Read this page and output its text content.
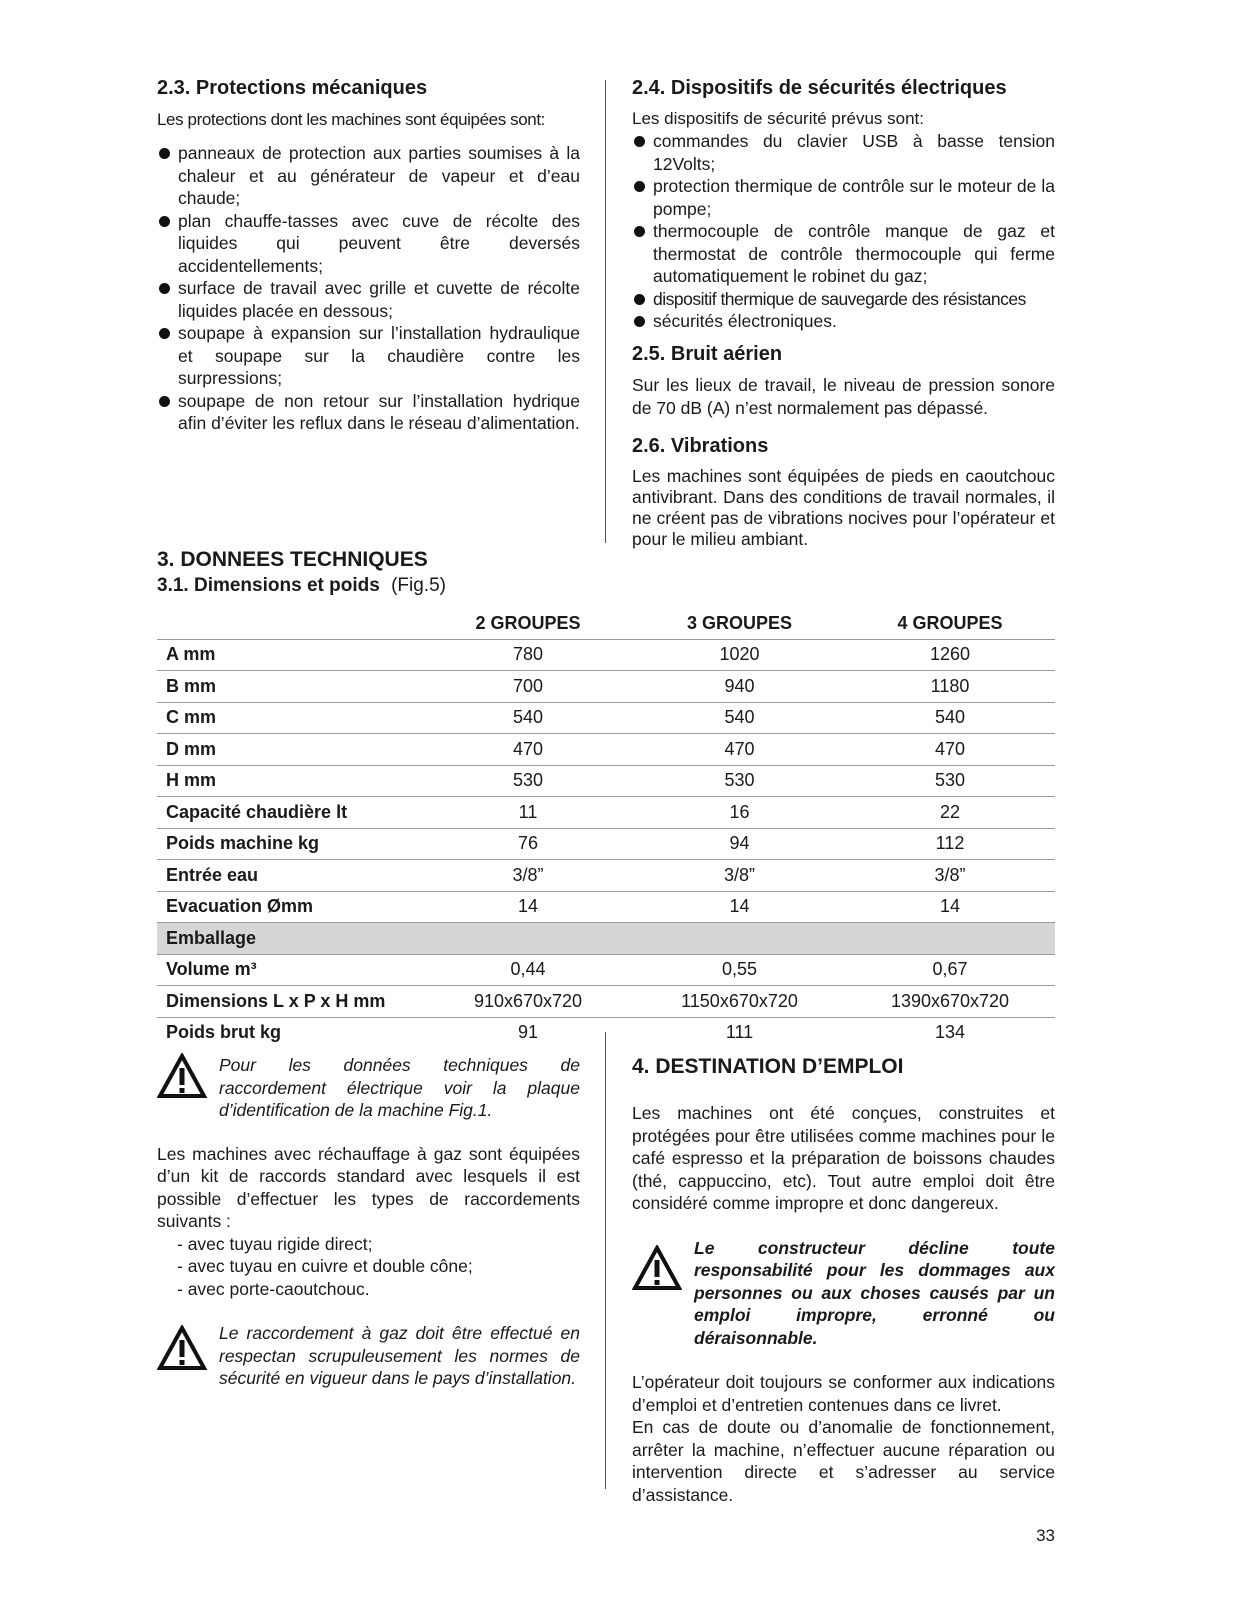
2.3. Protections mécaniques

Les protections dont les machines sont équipées sont:

panneaux de protection aux parties soumises à la chaleur et au générateur de vapeur et d’eau chaude;
plan chauffe-tasses avec cuve de récolte des liquides qui peuvent être deversés accidentellements;
surface de travail avec grille et cuvette de récolte liquides placée en dessous;
soupape à expansion sur l’installation hydraulique et soupape sur la chaudière contre les surpressions;
soupape de non retour sur l’installation hydrique afin d’éviter les reflux dans le réseau d’alimentation.
2.4. Dispositifs de sécurités électriques

Les dispositifs de sécurité prévus sont:

commandes du clavier USB à basse tension 12Volts;
protection thermique de contrôle sur le moteur de la pompe;
thermocouple de contrôle manque de gaz et thermostat de contrôle thermocouple qui ferme automatiquement le robinet du gaz;
dispositif thermique de sauvegarde des résistances
sécurités électroniques.
2.5. Bruit aérien

Sur les lieux de travail, le niveau de pression sonore de 70 dB (A) n’est normalement pas dépassé.

2.6. Vibrations

Les machines sont équipées de pieds en caoutchouc antivibrant. Dans des conditions de travail normales, il ne créent pas de vibrations nocives pour l’opérateur et pour le milieu ambiant.

3. DONNEES TECHNIQUES
3.1. Dimensions et poids (Fig.5)
	2 GROUPES	3 GROUPES	4 GROUPES
A mm	780	1020	1260
B mm	700	940	1180
C mm	540	540	540
D mm	470	470	470
H mm	530	530	530
Capacité chaudière lt	11	16	22
Poids machine kg	76	94	112
Entrée eau	3/8”	3/8”	3/8”
Evacuation Ømm	14	14	14
Emballage			
Volume m³	0,44	0,55	0,67
Dimensions L x P x H mm	910x670x720	1150x670x720	1390x670x720
Poids brut kg	91	111	134
Pour les données techniques de raccordement électrique voir la plaque d’identification de la machine Fig.1.

Les machines avec réchauffage à gaz sont équipées d’un kit de raccords standard avec lesquels il est possible d’effectuer les types de raccordements suivants :

- avec tuyau rigide direct;
- avec tuyau en cuivre et double cône;
- avec porte-caoutchouc.
Le raccordement à gaz doit être effectué en respectan scrupuleusement les normes de sécurité en vigueur dans le pays d’installation.
4. DESTINATION D’EMPLOI

Les machines ont été conçues, construites et protégées pour être utilisées comme machines pour le café espresso et la préparation de boissons chaudes (thé, cappuccino, etc). Tout autre emploi doit être considéré comme impropre et donc dangereux.

Le constructeur décline toute responsabilité pour les dommages aux personnes ou aux choses causés par un emploi impropre, erronné ou déraisonnable.

L’opérateur doit toujours se conformer aux indications d’emploi et d’entretien contenues dans ce livret.

En cas de doute ou d’anomalie de fonctionnement, arrêter la machine, n’effectuer aucune réparation ou intervention directe et s’adresser au service d’assistance.

33
